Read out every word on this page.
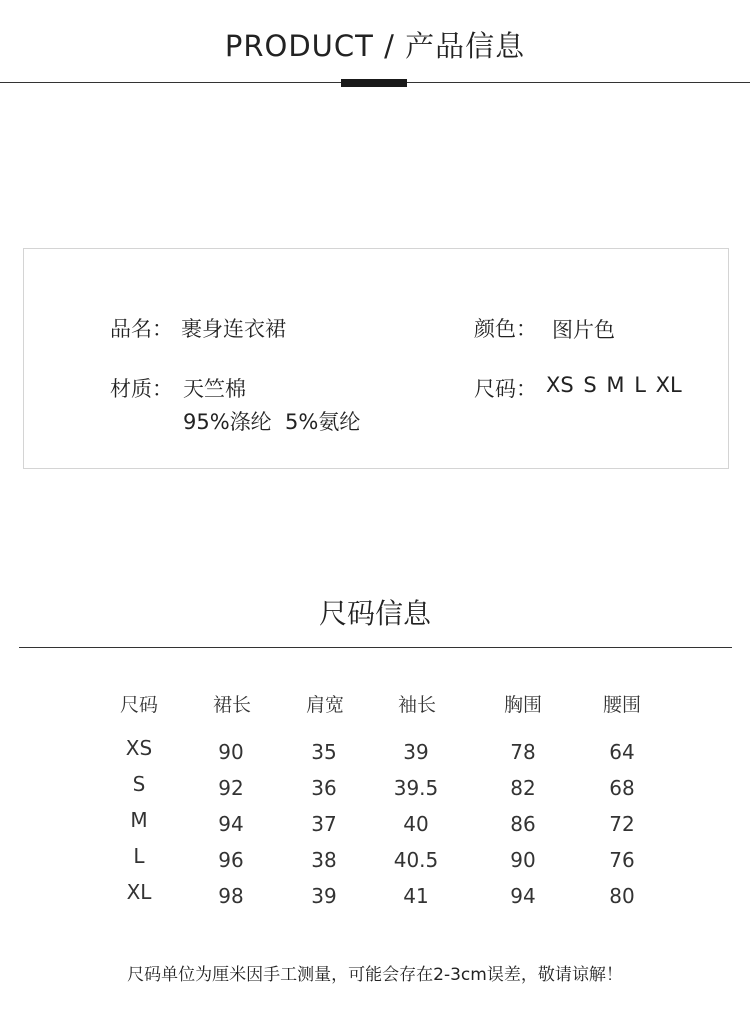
PRODUCT / 产品信息
品名： 裹身连衣裙	颜色： 图片色
材质： 天竺棉
95%涤纶  5%氨纶
尺码： XS S M L XL
尺码信息
尺码	裙长	肩宽	袖长	胸围	腰围
XS	90	35	39	78	64
S	92	36	39.5	82	68
M	94	37	40	86	72
L	96	38	40.5	90	76
XL	98	39	41	94	80
尺码单位为厘米因手工测量，可能会存在2-3cm误差，敬请谅解！
